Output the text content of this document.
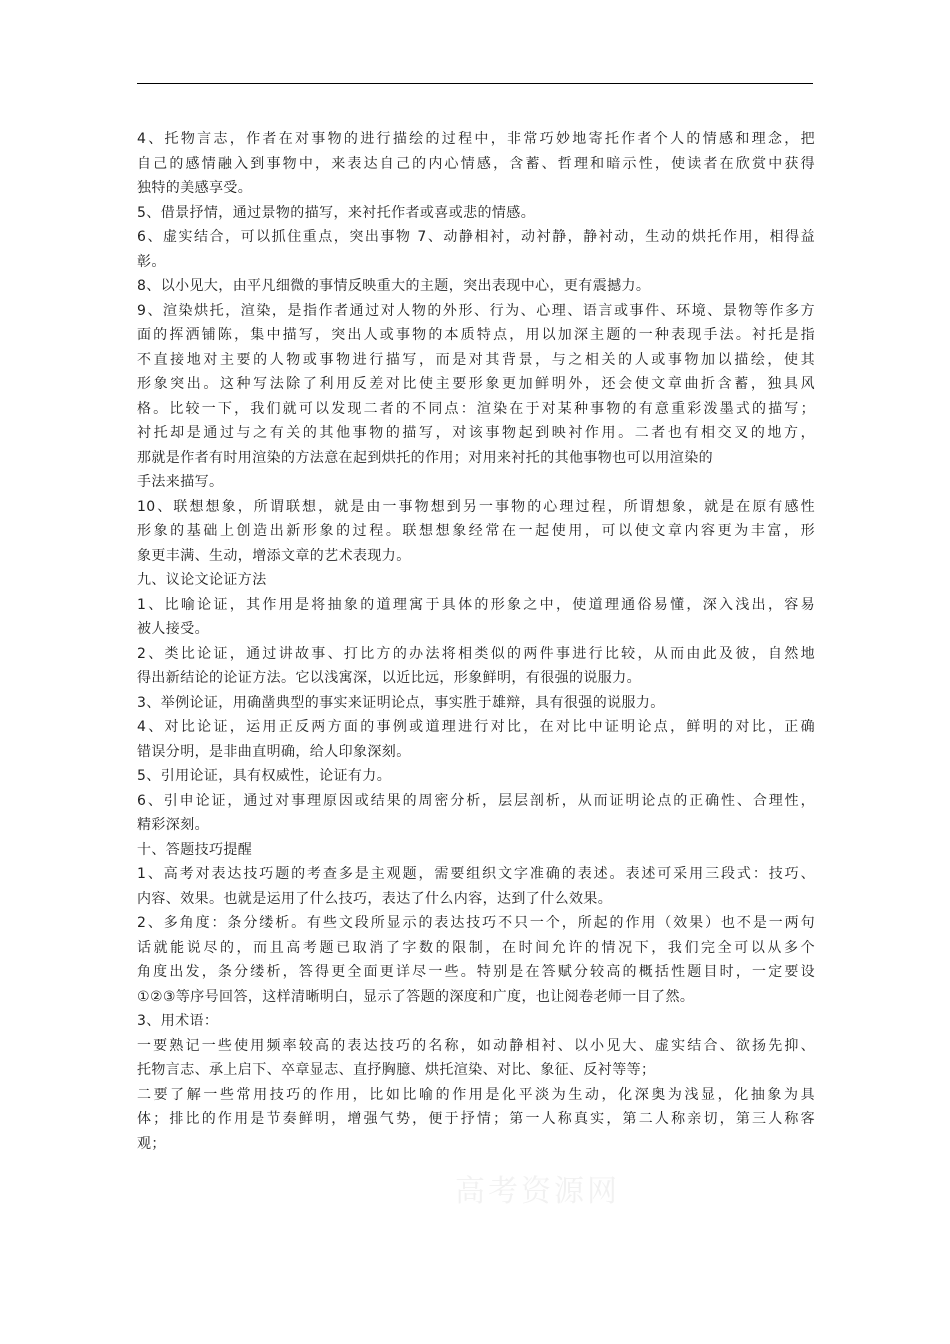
4、托物言志，作者在对事物的进行描绘的过程中，非常巧妙地寄托作者个人的情感和理念，把
自己的感情融入到事物中，来表达自己的内心情感，含蓄、哲理和暗示性，使读者在欣赏中获得
独特的美感享受。
5、借景抒情，通过景物的描写，来衬托作者或喜或悲的情感。
6、虚实结合，可以抓住重点，突出事物 7、动静相衬，动衬静，静衬动，生动的烘托作用，相得益
彰。
8、以小见大，由平凡细微的事情反映重大的主题，突出表现中心，更有震撼力。
9、渲染烘托，渲染，是指作者通过对人物的外形、行为、心理、语言或事件、环境、景物等作多方
面的挥洒铺陈，集中描写，突出人或事物的本质特点，用以加深主题的一种表现手法。衬托是指
不直接地对主要的人物或事物进行描写，而是对其背景，与之相关的人或事物加以描绘，使其
形象突出。这种写法除了利用反差对比使主要形象更加鲜明外，还会使文章曲折含蓄，独具风
格。比较一下，我们就可以发现二者的不同点：渲染在于对某种事物的有意重彩泼墨式的描写；
衬托却是通过与之有关的其他事物的描写，对该事物起到映衬作用。二者也有相交叉的地方，
那就是作者有时用渲染的方法意在起到烘托的作用；对用来衬托的其他事物也可以用渲染的
手法来描写。
10、联想想象，所谓联想，就是由一事物想到另一事物的心理过程，所谓想象，就是在原有感性
形象的基础上创造出新形象的过程。联想想象经常在一起使用，可以使文章内容更为丰富，形
象更丰满、生动，增添文章的艺术表现力。
九、议论文论证方法
1、比喻论证，其作用是将抽象的道理寓于具体的形象之中，使道理通俗易懂，深入浅出，容易
被人接受。
2、类比论证，通过讲故事、打比方的办法将相类似的两件事进行比较，从而由此及彼，自然地
得出新结论的论证方法。它以浅寓深，以近比远，形象鲜明，有很强的说服力。
3、举例论证，用确凿典型的事实来证明论点，事实胜于雄辩，具有很强的说服力。
4、对比论证，运用正反两方面的事例或道理进行对比，在对比中证明论点，鲜明的对比，正确
错误分明，是非曲直明确，给人印象深刻。
5、引用论证，具有权威性，论证有力。
6、引申论证，通过对事理原因或结果的周密分析，层层剖析，从而证明论点的正确性、合理性，
精彩深刻。
十、答题技巧提醒
1、高考对表达技巧题的考查多是主观题，需要组织文字准确的表述。表述可采用三段式：技巧、
内容、效果。也就是运用了什么技巧，表达了什么内容，达到了什么效果。
2、多角度：条分缕析。有些文段所显示的表达技巧不只一个，所起的作用（效果）也不是一两句
话就能说尽的，而且高考题已取消了字数的限制，在时间允许的情况下，我们完全可以从多个
角度出发，条分缕析，答得更全面更详尽一些。特别是在答赋分较高的概括性题目时，一定要设
①②③等序号回答，这样清晰明白，显示了答题的深度和广度，也让阅卷老师一目了然。
3、用术语：
一要熟记一些使用频率较高的表达技巧的名称，如动静相衬、以小见大、虚实结合、欲扬先抑、
托物言志、承上启下、卒章显志、直抒胸臆、烘托渲染、对比、象征、反衬等等；
二要了解一些常用技巧的作用，比如比喻的作用是化平淡为生动，化深奥为浅显，化抽象为具
体；排比的作用是节奏鲜明，增强气势，便于抒情；第一人称真实，第二人称亲切，第三人称客
观；
高考资源网
